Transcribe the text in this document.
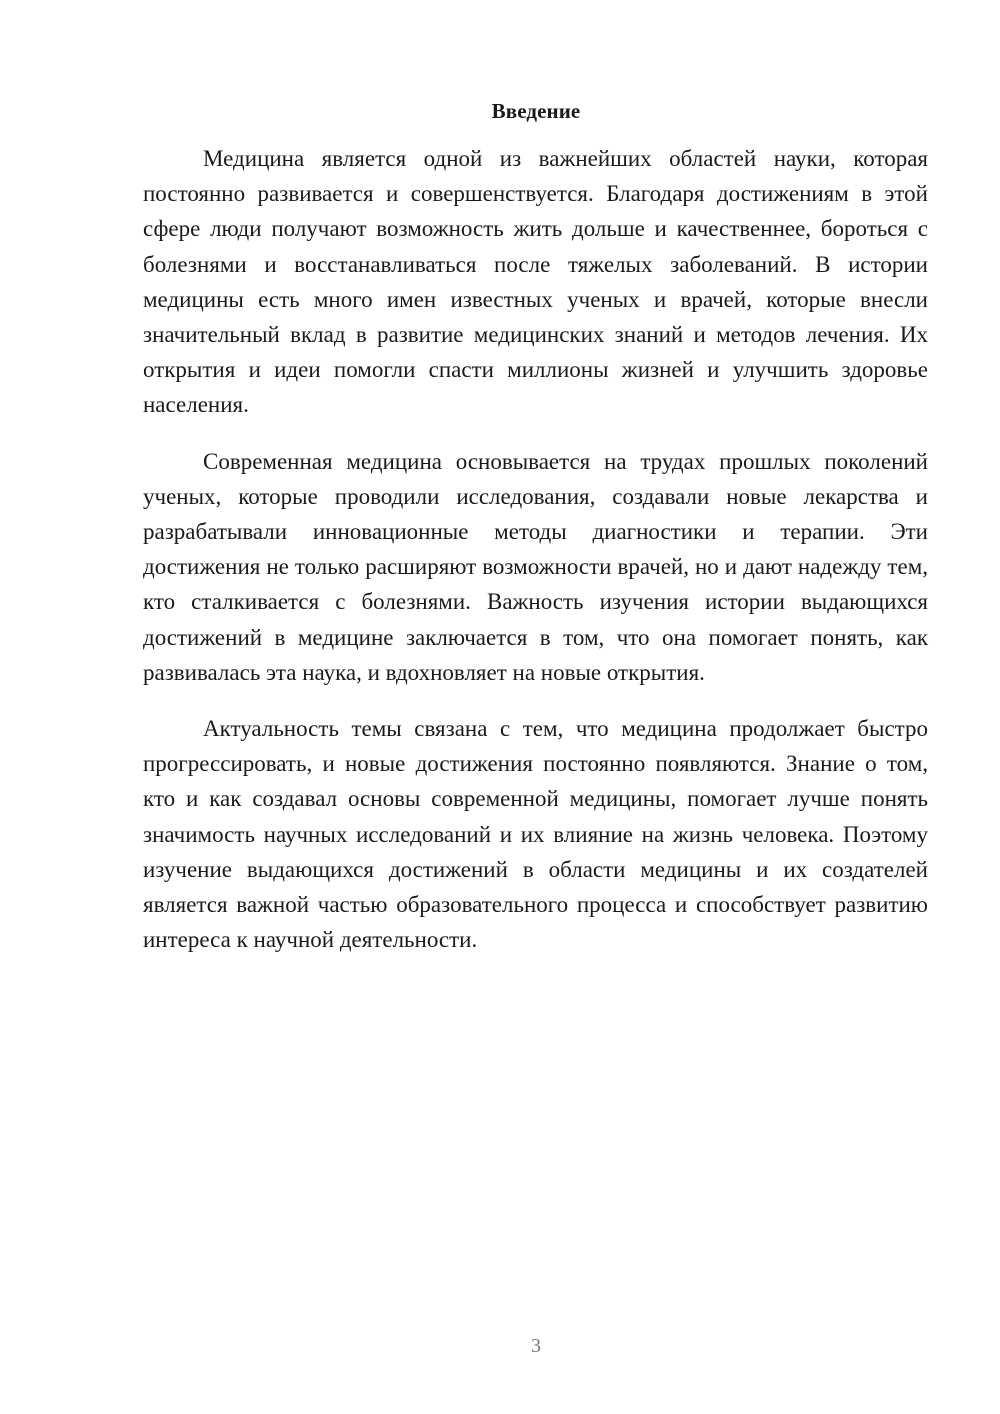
Введение

Медицина является одной из важнейших областей науки, которая постоянно развивается и совершенствуется. Благодаря достижениям в этой сфере люди получают возможность жить дольше и качественнее, бороться с болезнями и восстанавливаться после тяжелых заболеваний. В истории медицины есть много имен известных ученых и врачей, которые внесли значительный вклад в развитие медицинских знаний и методов лечения. Их открытия и идеи помогли спасти миллионы жизней и улучшить здоровье населения.

Современная медицина основывается на трудах прошлых поколений ученых, которые проводили исследования, создавали новые лекарства и разрабатывали инновационные методы диагностики и терапии. Эти достижения не только расширяют возможности врачей, но и дают надежду тем, кто сталкивается с болезнями. Важность изучения истории выдающихся достижений в медицине заключается в том, что она помогает понять, как развивалась эта наука, и вдохновляет на новые открытия.

Актуальность темы связана с тем, что медицина продолжает быстро прогрессировать, и новые достижения постоянно появляются. Знание о том, кто и как создавал основы современной медицины, помогает лучше понять значимость научных исследований и их влияние на жизнь человека. Поэтому изучение выдающихся достижений в области медицины и их создателей является важной частью образовательного процесса и способствует развитию интереса к научной деятельности.

3
